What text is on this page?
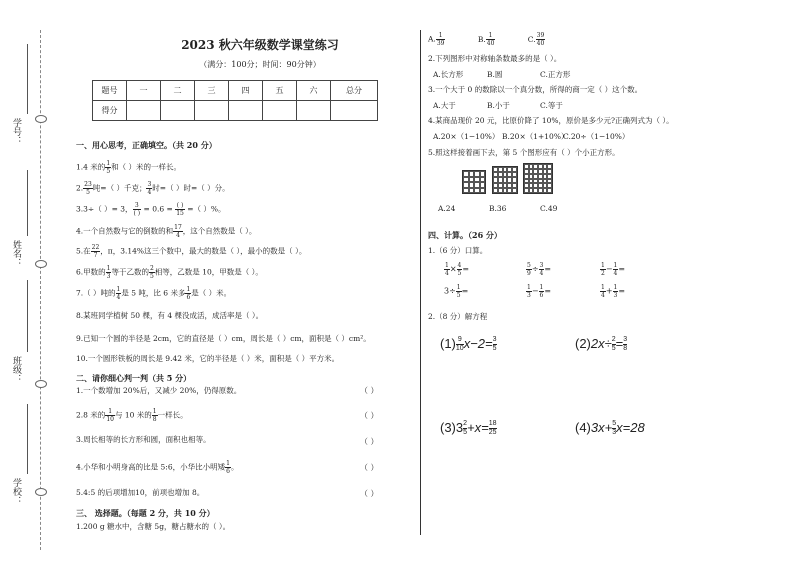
学号：
姓名：
班级：
学校：
2023 秋六年级数学课堂练习
（满分：100分；时间：90分钟）
题号	一	二	三	四	五	六	总分
得分							
一、用心思考，正确填空。（共 20 分）
1.4 米的 $\frac{1}{5}$ 和（ ）米的一样长。
2. $\frac{23}{5}$ 吨=（ ）千克； $\frac{3}{4}$ 时=（ ）时=（ ）分。
3.3÷（ ）= 3， $\frac{3}{( )} = 0.6 = \frac{( )}{15}$ =（ ）%。
4.一个自然数与它的倒数的和 $\frac{17}{4}$ ，这个自然数是（ ）。
5.在 $\frac{22}{7}$ ，π，3.14%这三个数中，最大的数是（ ），最小的数是（ ）。
6.甲数的 $\frac{1}{3}$ 等于乙数的 $\frac{2}{5}$ 相等，乙数是 10，甲数是（ ）。
7.（ ）吨的 $\frac{1}{4}$ 是 5 吨，比 6 米多 $\frac{1}{6}$ 是（ ）米。
8.某班同学植树 50 棵，有 4 棵没成活，成活率是（ ）。
9.已知一个圆的半径是 2cm，它的直径是（ ）cm，周长是（ ）cm，面积是（ ）cm²。
10.一个圆形铁板的周长是 9.42 米，它的半径是（ ）米，面积是（ ）平方米。
二、请你细心判一判（共 5 分）
1.一个数增加 20%后，又减少 20%，仍得原数。
2.8 米的 $\frac{1}{10}$ 与 10 米的 $\frac{1}{8}$ 一样长。
3.周长相等的长方形和圆，面积也相等。
4.小华和小明身高的比是 5:6，小华比小明矮 $\frac{1}{6}$ 。
5.4:5 的后项增加10，前项也增加 8。
（ ）
（ ）
（ ）
（ ）
（ ）
三、 选择题。（每题 2 分，共 10 分）
1.200 g 糖水中，含糖 5g，糖占糖水的（ ）。
A. $\frac{1}{39}$	B. $\frac{1}{40}$	C. $\frac{39}{40}$
2.下列图形中对称轴条数最多的是（ ）。
A.长方形	B.圆	C.正方形
3.一个大于 0 的数除以一个真分数，所得的商一定（ ）这个数。
A.大于	B.小于	C.等于
4.某商品现价 20 元，比原价降了 10%，原价是多少元?正确列式为（ ）。
A.20×（1−10%） B.20×（1+10%）
C.20÷（1−10%）
5.照这样接着画下去，第 5 个图形应有（ ）个小正方形。
A.24	B.36	C.49
四、计算。（26 分）
1.（6 分）口算。
$\frac{1}{4} \times \frac{4}{5}$ =	$\frac{5}{9} \div \frac{3}{4}$ =	$\frac{1}{2} - \frac{1}{4}$ =
$3\div \frac{1}{5}$ =	$\frac{1}{3} - \frac{1}{6}$ =	$\frac{1}{4} + \frac{1}{3}$ =
2.（8 分）解方程
$(1) \frac{9}{10} x-2= \frac{3}{5}$	$(2)2x\div \frac{2}{5} = \frac{3}{8}$
$(3)3 \frac{2}{5} +x= \frac{18}{25}$	$(4)3x+ \frac{5}{3} x=28$
